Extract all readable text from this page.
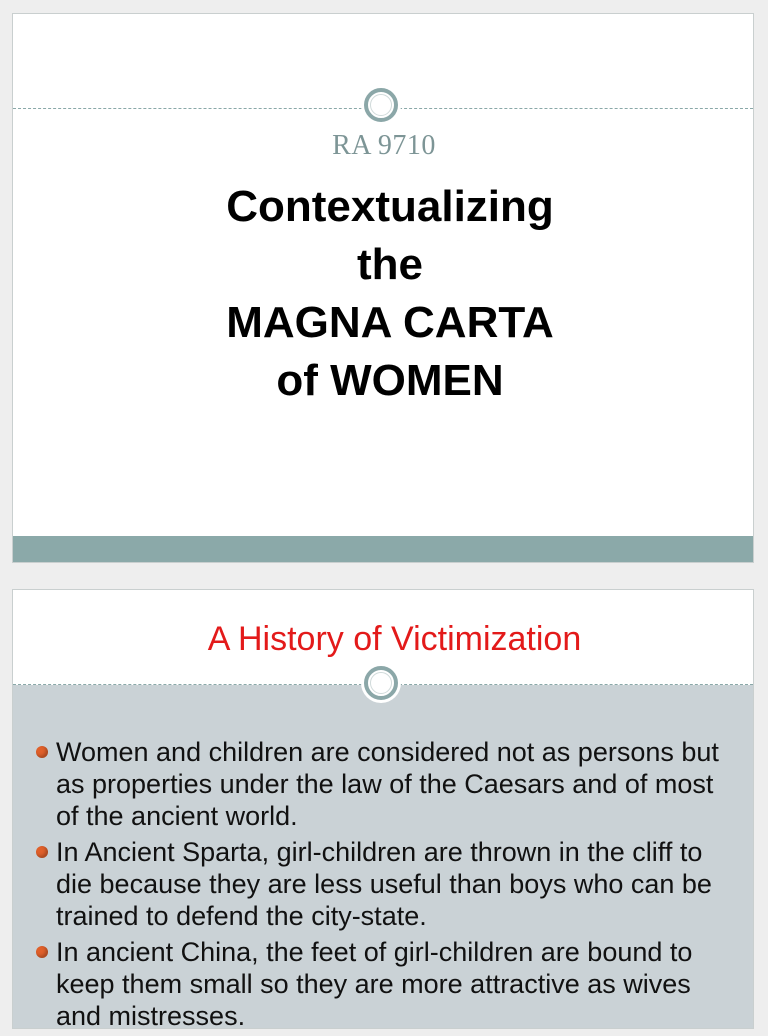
RA 9710
Contextualizing
the
MAGNA CARTA
of WOMEN
A History of Victimization
Women and children are considered not as persons but as properties under the law of the Caesars and of most of the ancient world.
In Ancient Sparta, girl-children are thrown in the cliff to die because they are less useful than boys who can be trained to defend the city-state.
In ancient China, the feet of girl-children are bound to keep them small so they are more attractive as wives and mistresses.
